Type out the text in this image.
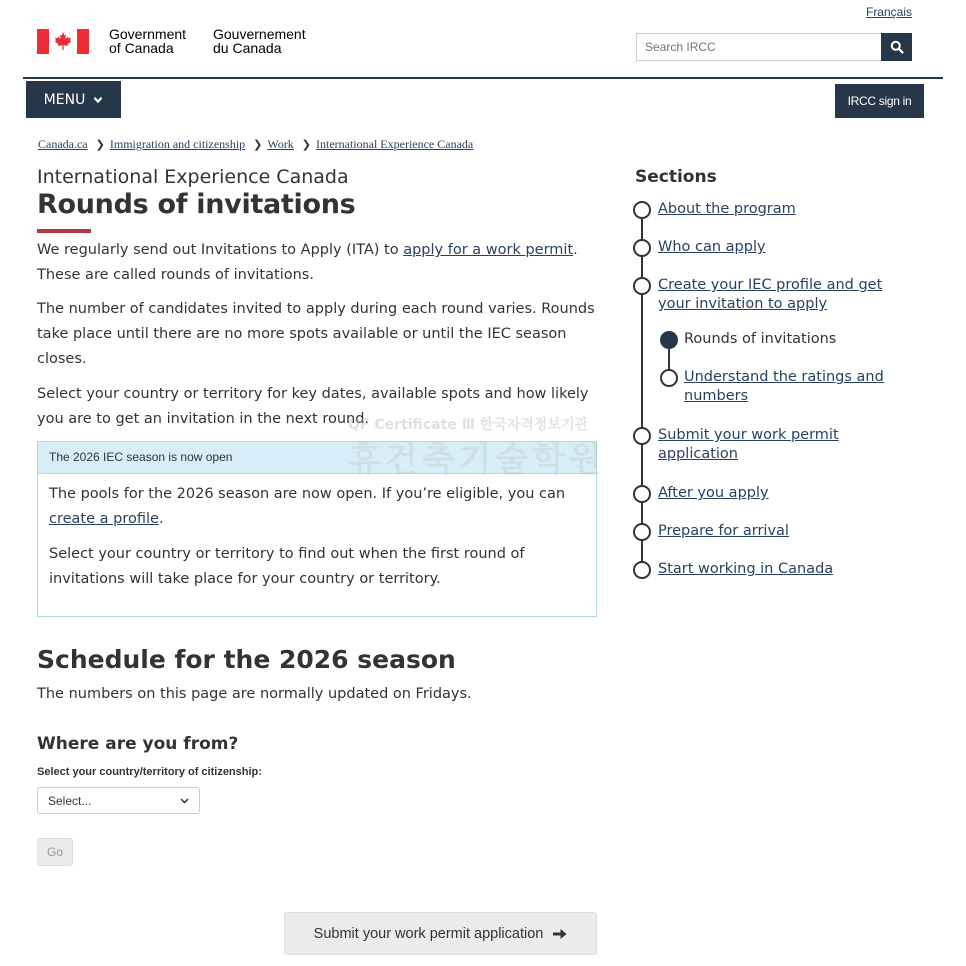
Français
Government
of Canada
Gouvernement
du Canada
Search IRCC
MENU	IRCC sign in
Canada.ca ❯ Immigration and citizenship ❯ Work ❯ International Experience Canada
International Experience Canada
Rounds of invitations

We regularly send out Invitations to Apply (ITA) to apply for a work permit. These are called rounds of invitations.

The number of candidates invited to apply during each round varies. Rounds take place until there are no more spots available or until the IEC season closes.

Select your country or territory for key dates, available spots and how likely you are to get an invitation in the next round.

The 2026 IEC season is now open

The pools for the 2026 season are now open. If you’re eligible, you can create a profile.

Select your country or territory to find out when the first round of invitations will take place for your country or territory.

QF Certificate Ⅲ 한국자격정보기관
휴건축기술학원
Schedule for the 2026 season

The numbers on this page are normally updated on Fridays.

Where are you from?
Select your country/territory of citizenship:
Select...
Go
Submit your work permit application
Sections
About the program
Who can apply
Create your IEC profile and get your invitation to apply
Rounds of invitations
Understand the ratings and numbers
Submit your work permit application
After you apply
Prepare for arrival
Start working in Canada
